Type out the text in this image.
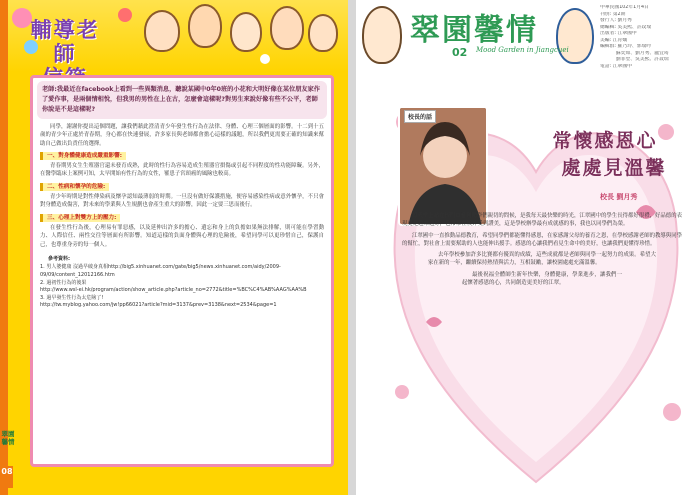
輔導老師
老師:我最近在facebook上看到一些異類消息，聽說某國中0年0班的小花和大明好像在某位朋友家作了愛作事，是兩個情相悅，但我男的男性在上在古，怎麼會這樣呢?對男生來說好像有些不公平，老師你說是不是這樣呢?

同學，謝謝你提出這個問題，讓我們藉此澄清青少年發生性行為在法律、身體、心理三個層面的影響。十二到十五歲的青少年正處於青春期，身心都在快速發展，許多家長與老師都會擔心這樣的議題，所以我們更需要正確的知識來幫助自己做出負責任的選擇。

一、對身體健康造成嚴重影響:

青春期男女生生殖器官還未發育成熟，此時的性行為容易造成生殖器官損傷或引起不同程度的性功能障礙。另外，在醫學臨床上案例可知，太早開始有性行為的女性，罹患子宮頸癌的風險也較高。

二、性病和懷孕的危險:

青少年時期是對性傳染病及懷孕認知最薄弱的時期。一旦沒有做好保護措施，便容易感染性病或意外懷孕，不只會對身體造成傷害，對未來的學業與人生規劃也會產生重大的影響，因此一定要三思而後行。

三、心理上對雙方上的壓力:

在發生性行為後，心理易有罪惡感，以及延伸出許多的擔心、遺忘和身上的負擔如果無法排解，則可能在學習動力、人際信任、兩性交往等層面有所影響。知道這樣的負面身體與心理的危險後，希望同學可以更珍惜自己，保護自己，也尊重身旁的每一個人。

參考資料:
1. 男人婆健康 沒過早破身真相http://big5.xinhuanet.com/gate/big5/news.xinhuanet.com/aidy/2009-09/09/content_12012166.htm
2. 過初性行為的後果
http://www.wsl-ei.hk/program/action/show_article.php?article_no=2772&title=%BC%C4%AB%AAG%AA%B
3. 過早發生性行為太危險了!
http://tw.myblog.yahoo.com/jw!pp66021?article?mid=3137&prev=3138&next=2534&page=1
翠園馨情
08
翠園馨情
02 Mood Garden in Jiangcuei
中華民國102年1月4日
刊別: 第2期
發行人: 劉月秀
總編輯: 吳美熙、許玟瑞
出版者: 江翠國中
美編: 江育嫻
編輯群: 羅乃玲、郭瑞吟
　　　 蘇奕如、劉月秀、盧宜筠
　　　 劉菲瑩、吳美熙、許玟瑞
電話: 江翠國中
校長的話
常懷感恩心
處處見溫馨
校長 劉月秀

每天早上站在校門口看到同學們親切的問候，是我每天最快樂的時光，江翠國中的學生長得都好很禮，好品德的表現更是越來越好，也常常在校外受到讚美，這是學校辦學最有成就感的事，我也以同學們為榮。

江翠國中一直推動品德教育，希望同學們都能懂得感恩，在家感謝父母的養育之恩，在學校感謝老師的教導與同學的幫忙，對社會上需要幫助的人也能伸出援手。感恩的心讓我們看見生命中的美好，也讓我們更懂得珍惜。

去年學校參加許多比賽都有優異的成績，這些成就都是老師與同學一起努力的成果。希望大家在新的一年，繼續保持熱情與活力，互相鼓勵，讓校園處處充滿溫馨。

最後祝福全體師生新年快樂，身體健康，學業進步，讓我們一起懷著感恩的心，共同創造更美好的江翠。
